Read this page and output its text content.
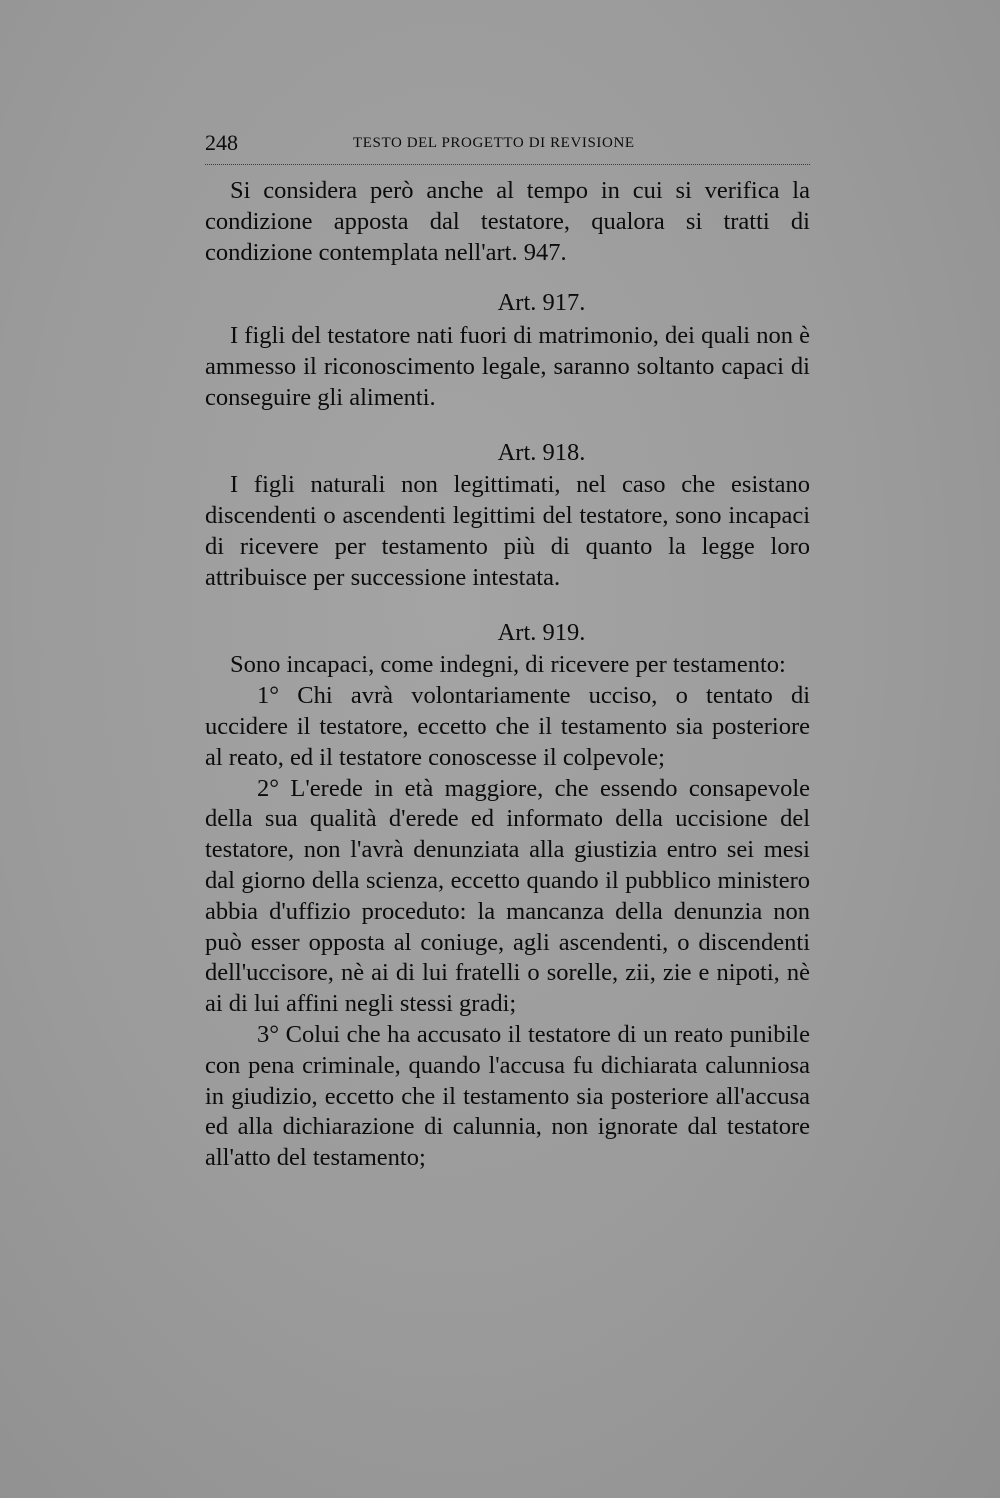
248	TESTO DEL PROGETTO DI REVISIONE

Si considera però anche al tempo in cui si verifica la condizione apposta dal testatore, qualora si tratti di condizione contemplata nell'art. 947.

Art. 917.

I figli del testatore nati fuori di matrimonio, dei quali non è ammesso il riconoscimento legale, saranno soltanto capaci di conseguire gli alimenti.

Art. 918.

I figli naturali non legittimati, nel caso che esistano discendenti o ascendenti legittimi del testatore, sono incapaci di ricevere per testamento più di quanto la legge loro attribuisce per successione intestata.

Art. 919.

Sono incapaci, come indegni, di ricevere per testamento:

1° Chi avrà volontariamente ucciso, o tentato di uccidere il testatore, eccetto che il testamento sia posteriore al reato, ed il testatore conoscesse il colpevole;

2° L'erede in età maggiore, che essendo consapevole della sua qualità d'erede ed informato della uccisione del testatore, non l'avrà denunziata alla giustizia entro sei mesi dal giorno della scienza, eccetto quando il pubblico ministero abbia d'uffizio proceduto: la mancanza della denunzia non può esser opposta al coniuge, agli ascendenti, o discendenti dell'uccisore, nè ai di lui fratelli o sorelle, zii, zie e nipoti, nè ai di lui affini negli stessi gradi;

3° Colui che ha accusato il testatore di un reato punibile con pena criminale, quando l'accusa fu dichiarata calunniosa in giudizio, eccetto che il testamento sia posteriore all'accusa ed alla dichiarazione di calunnia, non ignorate dal testatore all'atto del testamento;
